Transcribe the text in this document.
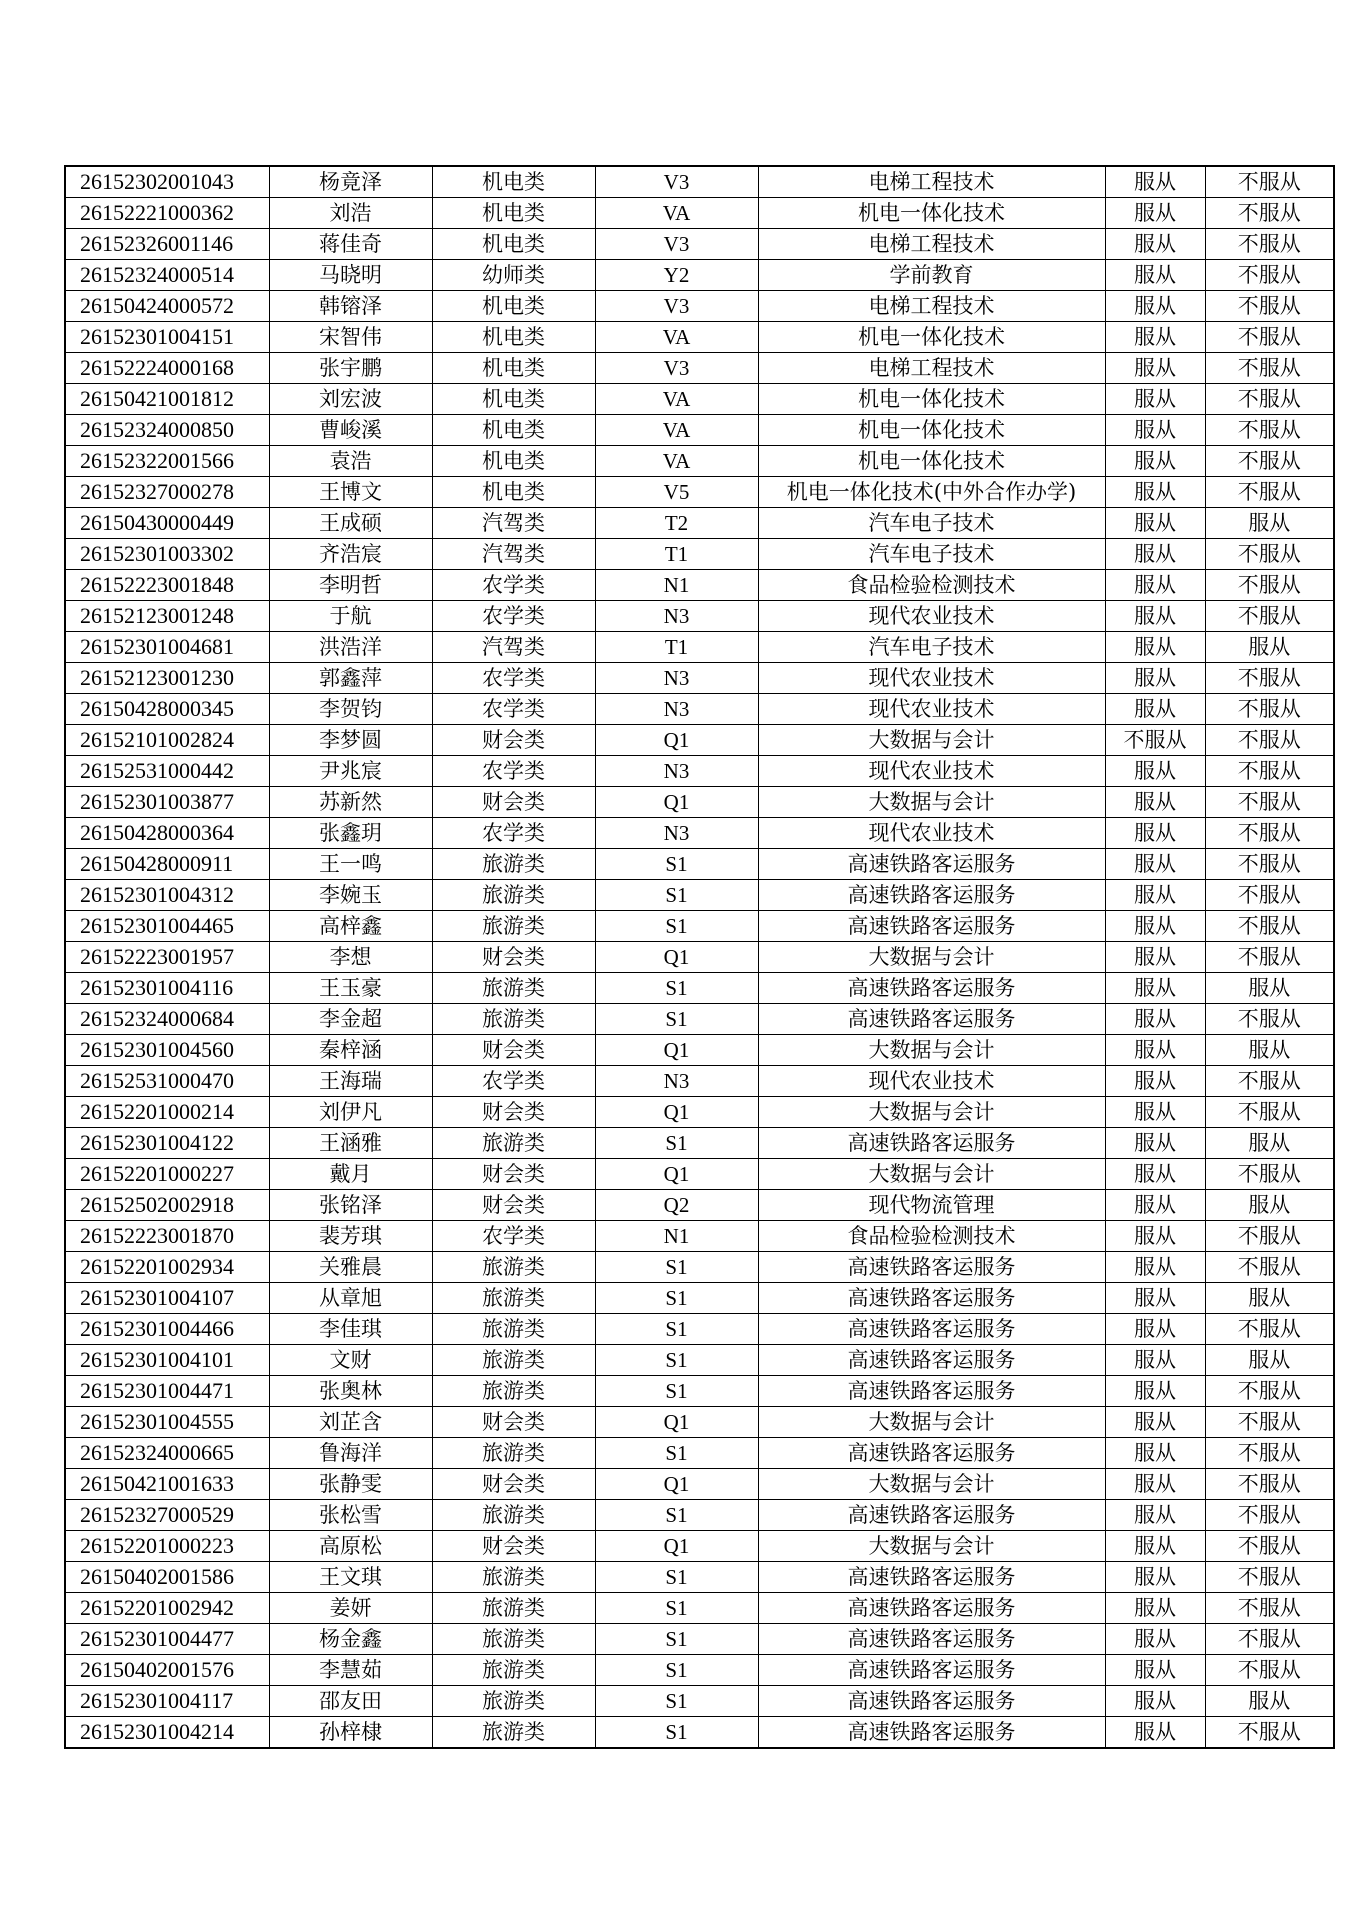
26152302001043	杨竟泽	机电类	V3	电梯工程技术	服从	不服从
26152221000362	刘浩	机电类	VA	机电一体化技术	服从	不服从
26152326001146	蒋佳奇	机电类	V3	电梯工程技术	服从	不服从
26152324000514	马晓明	幼师类	Y2	学前教育	服从	不服从
26150424000572	韩镕泽	机电类	V3	电梯工程技术	服从	不服从
26152301004151	宋智伟	机电类	VA	机电一体化技术	服从	不服从
26152224000168	张宇鹏	机电类	V3	电梯工程技术	服从	不服从
26150421001812	刘宏波	机电类	VA	机电一体化技术	服从	不服从
26152324000850	曹峻溪	机电类	VA	机电一体化技术	服从	不服从
26152322001566	袁浩	机电类	VA	机电一体化技术	服从	不服从
26152327000278	王博文	机电类	V5	机电一体化技术(中外合作办学)	服从	不服从
26150430000449	王成硕	汽驾类	T2	汽车电子技术	服从	服从
26152301003302	齐浩宸	汽驾类	T1	汽车电子技术	服从	不服从
26152223001848	李明哲	农学类	N1	食品检验检测技术	服从	不服从
26152123001248	于航	农学类	N3	现代农业技术	服从	不服从
26152301004681	洪浩洋	汽驾类	T1	汽车电子技术	服从	服从
26152123001230	郭鑫萍	农学类	N3	现代农业技术	服从	不服从
26150428000345	李贺钧	农学类	N3	现代农业技术	服从	不服从
26152101002824	李梦圆	财会类	Q1	大数据与会计	不服从	不服从
26152531000442	尹兆宸	农学类	N3	现代农业技术	服从	不服从
26152301003877	苏新然	财会类	Q1	大数据与会计	服从	不服从
26150428000364	张鑫玥	农学类	N3	现代农业技术	服从	不服从
26150428000911	王一鸣	旅游类	S1	高速铁路客运服务	服从	不服从
26152301004312	李婉玉	旅游类	S1	高速铁路客运服务	服从	不服从
26152301004465	高梓鑫	旅游类	S1	高速铁路客运服务	服从	不服从
26152223001957	李想	财会类	Q1	大数据与会计	服从	不服从
26152301004116	王玉豪	旅游类	S1	高速铁路客运服务	服从	服从
26152324000684	李金超	旅游类	S1	高速铁路客运服务	服从	不服从
26152301004560	秦梓涵	财会类	Q1	大数据与会计	服从	服从
26152531000470	王海瑞	农学类	N3	现代农业技术	服从	不服从
26152201000214	刘伊凡	财会类	Q1	大数据与会计	服从	不服从
26152301004122	王涵雅	旅游类	S1	高速铁路客运服务	服从	服从
26152201000227	戴月	财会类	Q1	大数据与会计	服从	不服从
26152502002918	张铭泽	财会类	Q2	现代物流管理	服从	服从
26152223001870	裴芳琪	农学类	N1	食品检验检测技术	服从	不服从
26152201002934	关雅晨	旅游类	S1	高速铁路客运服务	服从	不服从
26152301004107	从章旭	旅游类	S1	高速铁路客运服务	服从	服从
26152301004466	李佳琪	旅游类	S1	高速铁路客运服务	服从	不服从
26152301004101	文财	旅游类	S1	高速铁路客运服务	服从	服从
26152301004471	张奥林	旅游类	S1	高速铁路客运服务	服从	不服从
26152301004555	刘芷含	财会类	Q1	大数据与会计	服从	不服从
26152324000665	鲁海洋	旅游类	S1	高速铁路客运服务	服从	不服从
26150421001633	张静雯	财会类	Q1	大数据与会计	服从	不服从
26152327000529	张松雪	旅游类	S1	高速铁路客运服务	服从	不服从
26152201000223	高原松	财会类	Q1	大数据与会计	服从	不服从
26150402001586	王文琪	旅游类	S1	高速铁路客运服务	服从	不服从
26152201002942	姜妍	旅游类	S1	高速铁路客运服务	服从	不服从
26152301004477	杨金鑫	旅游类	S1	高速铁路客运服务	服从	不服从
26150402001576	李慧茹	旅游类	S1	高速铁路客运服务	服从	不服从
26152301004117	邵友田	旅游类	S1	高速铁路客运服务	服从	服从
26152301004214	孙梓棣	旅游类	S1	高速铁路客运服务	服从	不服从
